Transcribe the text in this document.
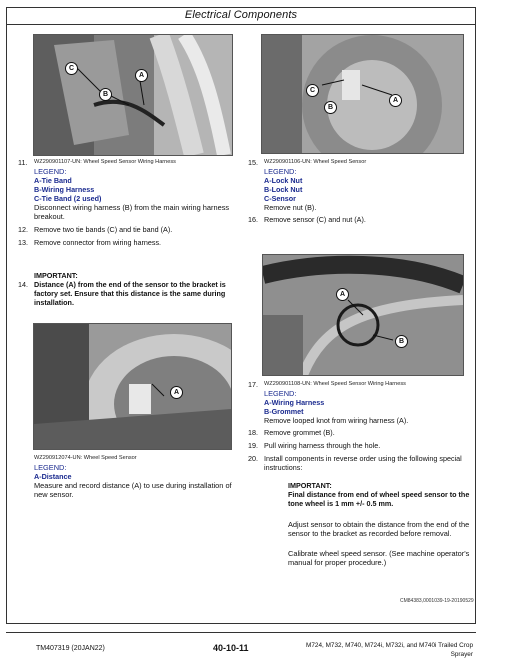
Electrical Components
C
A
B
C
B
A
11. WZ290901107-UN: Wheel Speed Sensor Wiring Harness
LEGEND:
A-Tie Band
B-Wiring Harness
C-Tie Band (2 used)
Disconnect wiring harness (B) from the main wiring harness breakout.
12. Remove two tie bands (C) and tie band (A).
13. Remove connector from wiring harness.
IMPORTANT:
14. Distance (A) from the end of the sensor to the bracket is factory set. Ensure that this distance is the same during installation.
A
A
B
WZ290912074-UN: Wheel Speed Sensor
LEGEND:
A-Distance
Measure and record distance (A) to use during installation of new sensor.
15. WZ290901106-UN: Wheel Speed Sensor
LEGEND:
A-Lock Nut
B-Lock Nut
C-Sensor
Remove nut (B).
16. Remove sensor (C) and nut (A).
17. WZ290901108-UN: Wheel Speed Sensor Wiring Harness
LEGEND:
A-Wiring Harness
B-Grommet
Remove looped knot from wiring harness (A).
18. Remove grommet (B).
19. Pull wiring harness through the hole.
20. Install components in reverse order using the following special instructions:
IMPORTANT:
Final distance from end of wheel speed sensor to the tone wheel is 1 mm +/- 0.5 mm.
Adjust sensor to obtain the distance from the end of the sensor to the bracket as recorded before removal.
Calibrate wheel speed sensor. (See machine operator's manual for proper procedure.)
CM84383,0001039-19-20190529
TM407319 (20JAN22)	40-10-11	M724, M732, M740, M724i, M732i, and M740i Trailed Crop
Sprayer
